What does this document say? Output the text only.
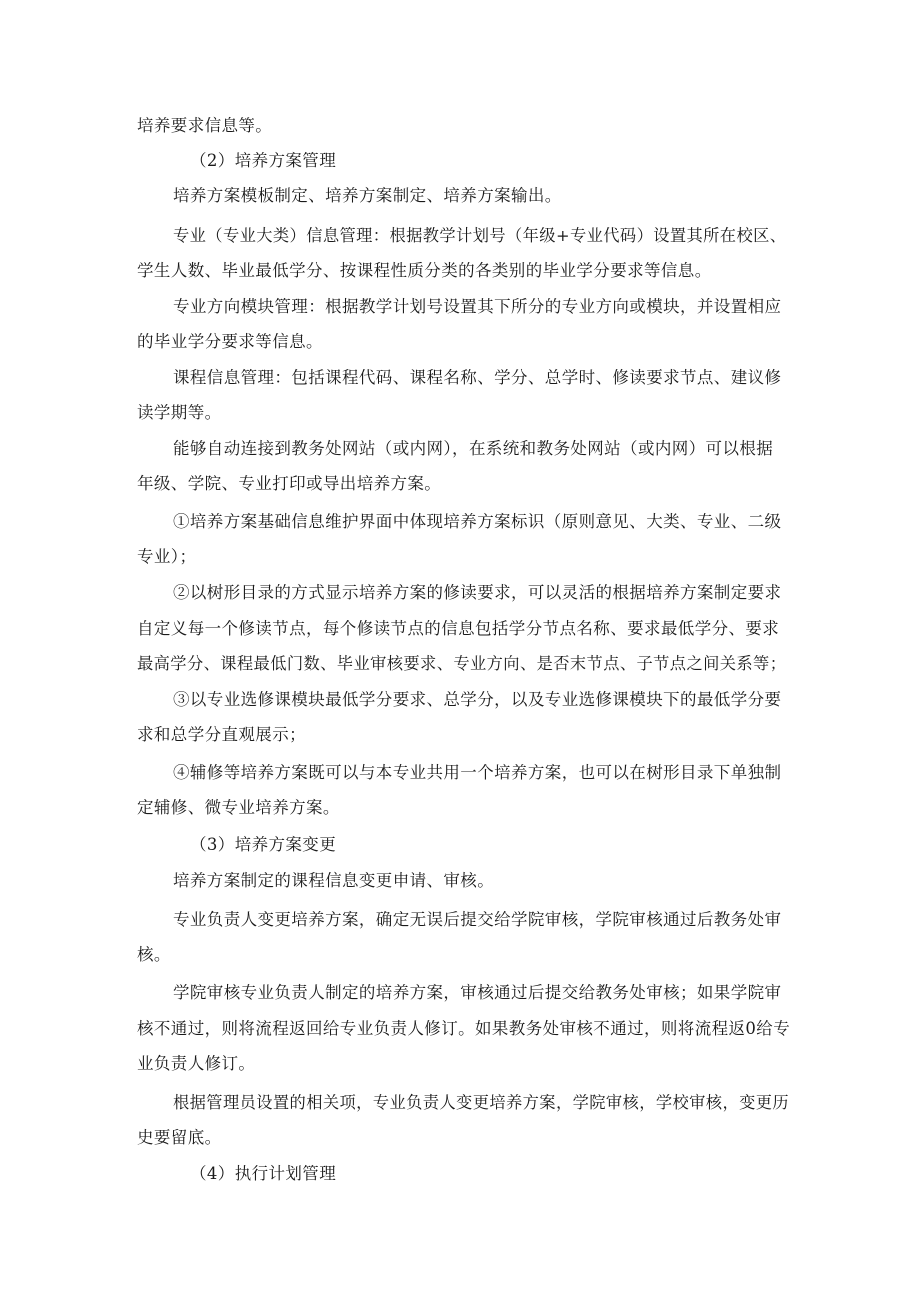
培养要求信息等。
（2）培养方案管理
培养方案模板制定、培养方案制定、培养方案输出。
专业（专业大类）信息管理：根据教学计划号（年级+专业代码）设置其所在校区、
学生人数、毕业最低学分、按课程性质分类的各类别的毕业学分要求等信息。
专业方向模块管理：根据教学计划号设置其下所分的专业方向或模块，并设置相应
的毕业学分要求等信息。
课程信息管理：包括课程代码、课程名称、学分、总学时、修读要求节点、建议修
读学期等。
能够自动连接到教务处网站（或内网），在系统和教务处网站（或内网）可以根据
年级、学院、专业打印或导出培养方案。
①培养方案基础信息维护界面中体现培养方案标识（原则意见、大类、专业、二级
专业）；
②以树形目录的方式显示培养方案的修读要求，可以灵活的根据培养方案制定要求
自定义每一个修读节点，每个修读节点的信息包括学分节点名称、要求最低学分、要求
最高学分、课程最低门数、毕业审核要求、专业方向、是否末节点、子节点之间关系等；
③以专业选修课模块最低学分要求、总学分，以及专业选修课模块下的最低学分要
求和总学分直观展示；
④辅修等培养方案既可以与本专业共用一个培养方案，也可以在树形目录下单独制
定辅修、微专业培养方案。
（3）培养方案变更
培养方案制定的课程信息变更申请、审核。
专业负责人变更培养方案，确定无误后提交给学院审核，学院审核通过后教务处审
核。
学院审核专业负责人制定的培养方案，审核通过后提交给教务处审核；如果学院审
核不通过，则将流程返回给专业负责人修订。如果教务处审核不通过，则将流程返0给专
业负责人修订。
根据管理员设置的相关项，专业负责人变更培养方案，学院审核，学校审核，变更历
史要留底。
（4）执行计划管理
